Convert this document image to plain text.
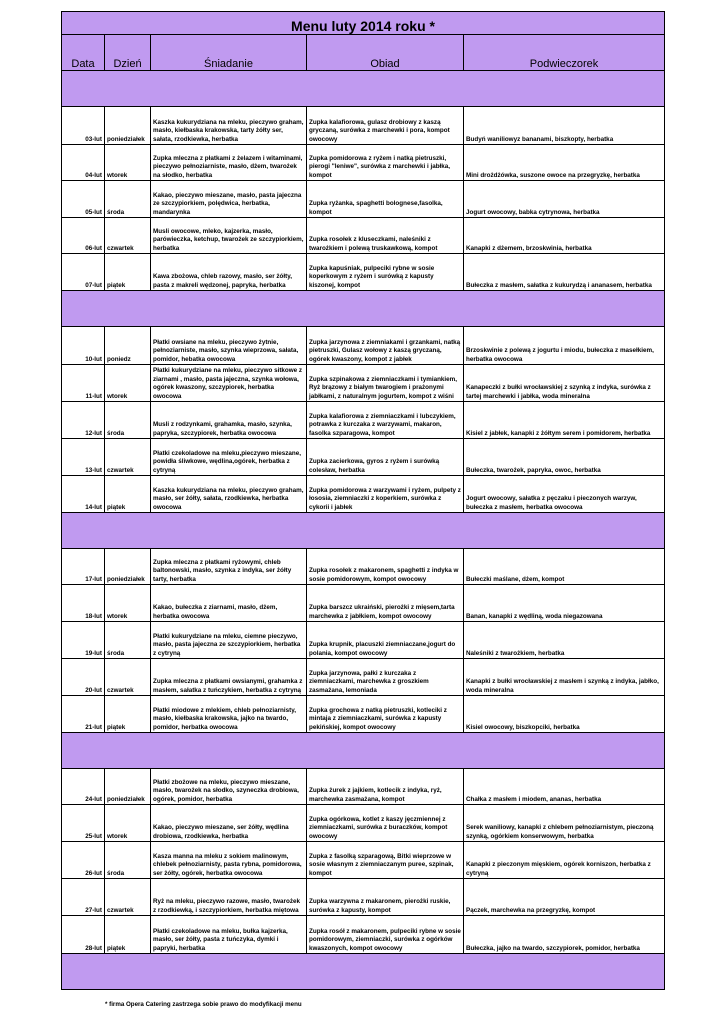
Menu luty 2014 roku *				
Data	Dzień	Śniadanie	Obiad	Podwieczorek

03-lut	poniedziałek	Kaszka kukurydziana na mleku, pieczywo graham, masło, kiełbaska krakowska, tarty żółty ser, sałata, rzodkiewka, herbatka	Zupka kalafiorowa, gulasz drobiowy z kaszą gryczaną, surówka z marchewki i pora, kompot owocowy	Budyń waniliowyz bananami, biszkopty, herbatka
04-lut	wtorek	Zupka mleczna z płatkami z żelazem i witaminami, pieczywo pełnoziarniste, masło, dżem, twarożek na słodko, herbatka	Zupka pomidorowa z ryżem i natką pietruszki, pierogi "leniwe", surówka z marchewki i jabłka, kompot	Mini drożdżówka, suszone owoce na przegryzkę, herbatka
05-lut	środa	Kakao, pieczywo mieszane, masło, pasta jajeczna ze szczypiorkiem, polędwica, herbatka, mandarynka	Zupka ryżanka, spaghetti bolognese,fasolka, kompot	Jogurt owocowy, babka cytrynowa, herbatka
06-lut	czwartek	Musli owocowe, mleko, kajzerka, masło, parówieczka, ketchup, twarożek ze szczypiorkiem, herbatka	Zupka rosołek z kluseczkami, naleśniki z twarożkiem i polewą truskawkową, kompot	Kanapki z dżemem, brzoskwinia, herbatka
07-lut	piątek	Kawa zbożowa, chleb razowy, masło, ser żółty, pasta z makreli wędzonej, papryka, herbatka	Zupka kapuśniak, pulpeciki rybne w sosie koperkowym z ryżem i surówką z kapusty kiszonej, kompot	Bułeczka z masłem, sałatka z kukurydzą i ananasem, herbatka

10-lut	poniedz	Płatki owsiane na mleku, pieczywo żytnie, pełnoziarniste, masło, szynka wieprzowa, sałata, pomidor, hebatka owocowa	Zupka jarzynowa z ziemniakami i grzankami, natką pietruszki, Gulasz wołowy z kaszą gryczaną, ogórek kwaszony, kompot z jabłek	Brzoskwinie z polewą z jogurtu i miodu, bułeczka z masełkiem, herbatka owocowa
11-lut	wtorek	Płatki kukurydziane na mleku, pieczywo sitkowe z ziarnami , masło, pasta jajeczna, szynka wołowa, ogórek kwaszony, szczypiorek, herbatka owocowa	Zupka szpinakowa z ziemniaczkami i tymiankiem, Ryż brązowy z białym twarogiem i prażonymi jabłkami, z naturalnym jogurtem, kompot z wiśni	Kanapeczki z bułki wrocławskiej z szynką z indyka, surówka z tartej marchewki i jabłka, woda mineralna
12-lut	środa	Musli z rodzynkami, grahamka, masło, szynka, papryka, szczypiorek, herbatka owocowa	Zupka kalafiorowa z ziemniaczkami i lubczykiem, potrawka z kurczaka z warzywami, makaron, fasolka szparagowa, kompot	Kisiel z jabłek, kanapki z żółtym serem i pomidorem, herbatka
13-lut	czwartek	Płatki czekoladowe na mleku,pieczywo mieszane, powidła śliwkowe, wędlina,ogórek, herbatka z cytryną	Zupka zacierkowa, gyros z ryżem i surówką colesław, herbatka	Bułeczka, twarożek, papryka, owoc, herbatka
14-lut	piątek	Kaszka kukurydziana na mleku, pieczywo graham, masło, ser żółty, sałata, rzodkiewka, herbatka owocowa	Zupka pomidorowa z warzywami i ryżem, pulpety z łososia, ziemniaczki z koperkiem, surówka z cykorii i jabłek	Jogurt owocowy, sałatka z pęczaku i pieczonych warzyw, bułeczka z masłem, herbatka owocowa

17-lut	poniedziałek	Zupka mleczna z płatkami ryżowymi, chleb baltonowski, masło, szynka z indyka, ser żółty tarty, herbatka	Zupka rosołek z makaronem, spaghetti z indyka w sosie pomidorowym, kompot owocowy	Bułeczki maślane, dżem, kompot
18-lut	wtorek	Kakao, bułeczka z ziarnami, masło, dżem, herbatka owocowa	Zupka barszcz ukraiński, pierożki z mięsem,tarta marchewka z jabłkiem, kompot owocowy	Banan, kanapki z wędliną, woda niegazowana
19-lut	środa	Płatki kukurydziane na mleku, ciemne pieczywo, masło, pasta jajeczna ze szczypiorkiem, herbatka z cytryną	Zupka krupnik, placuszki ziemniaczane,jogurt do polania, kompot owocowy	Naleśniki z twarożkiem, herbatka
20-lut	czwartek	Zupka mleczna z płatkami owsianymi, grahamka z masłem, sałatka z tuńczykiem, herbatka z cytryną	Zupka jarzynowa, pałki z kurczaka z ziemniaczkami, marchewka z groszkiem zasmażana, lemoniada	Kanapki z bułki wrocławskiej z masłem i szynką z indyka, jabłko, woda mineralna
21-lut	piątek	Płatki miodowe z mlekiem, chleb pełnoziarnisty, masło, kiełbaska krakowska, jajko na twardo, pomidor, herbatka owocowa	Zupka grochowa z natką pietruszki, kotleciki z mintaja z ziemniaczkami, surówka z kapusty pekińskiej, kompot owocowy	Kisiel owocowy, biszkopciki, herbatka

24-lut	poniedziałek	Płatki zbożowe na mleku, pieczywo mieszane, masło, twarożek na słodko, szyneczka drobiowa, ogórek, pomidor, herbatka	Zupka żurek z jajkiem, kotlecik z indyka, ryż, marchewka zasmażana, kompot	Chałka z masłem i miodem, ananas, herbatka
25-lut	wtorek	Kakao, pieczywo mieszane, ser żółty, wędlina drobiowa, rzodkiewka, herbatka	Zupka ogórkowa, kotlet z kaszy jęczmiennej z ziemniaczkami, surówka z buraczków, kompot owocowy	Serek waniliowy, kanapki z chlebem pełnoziarnistym, pieczoną szynką, ogórkiem konserwowym, herbatka
26-lut	środa	Kasza manna na mleku z sokiem malinowym, chlebek pełnoziarnisty, pasta rybna, pomidorowa, ser żółty, ogórek, herbatka owocowa	Zupka z fasolką szparagową, Bitki wieprzowe w sosie własnym z ziemniaczanym puree, szpinak, kompot	Kanapki z pieczonym mięskiem, ogórek korniszon, herbatka z cytryną
27-lut	czwartek	Ryż na mleku, pieczywo razowe, masło, twarożek z rzodkiewką, i szczypiorkiem, herbatka miętowa	Zupka warzywna z makaronem, pierożki ruskie, surówka z kapusty, kompot	Pączek, marchewka na przegryzkę, kompot
28-lut	piątek	Płatki czekoladowe na mleku, bułka kajzerka, masło, ser żółty, pasta z tuńczyka, dymki i papryki, herbatka	Zupka rosół z makaronem, pulpeciki rybne w sosie pomidorowym, ziemniaczki, surówka z ogórków kwaszonych, kompot owocowy	Bułeczka, jajko na twardo, szczypiorek, pomidor, herbatka

* firma Opera Catering zastrzega sobie prawo do modyfikacji menu
